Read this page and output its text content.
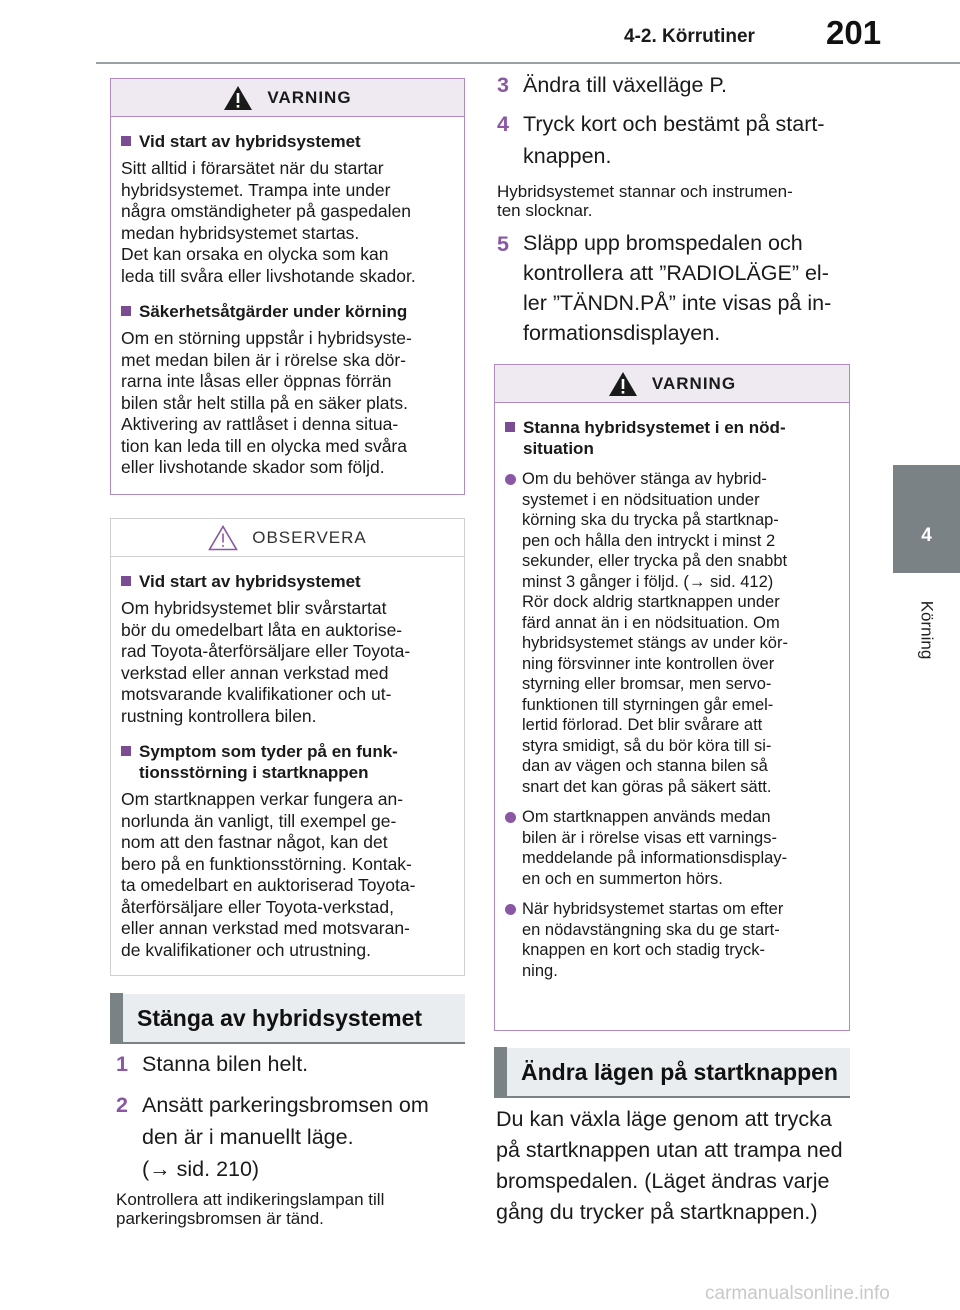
4-2. Körrutiner 201
4
Körning
VARNING
Vid start av hybridsystemet
Sitt alltid i förarsätet när du startar
hybridsystemet. Trampa inte under
några omständigheter på gaspedalen
medan hybridsystemet startas.
Det kan orsaka en olycka som kan
leda till svåra eller livshotande skador.
Säkerhetsåtgärder under körning
Om en störning uppstår i hybridsyste-
met medan bilen är i rörelse ska dör-
rarna inte låsas eller öppnas förrän
bilen står helt stilla på en säker plats.
Aktivering av rattlåset i denna situa-
tion kan leda till en olycka med svåra
eller livshotande skador som följd.
OBSERVERA
Vid start av hybridsystemet
Om hybridsystemet blir svårstartat
bör du omedelbart låta en auktorise-
rad Toyota-återförsäljare eller Toyota-
verkstad eller annan verkstad med
motsvarande kvalifikationer och ut-
rustning kontrollera bilen.
Symptom som tyder på en funk-
tionsstörning i startknappen
Om startknappen verkar fungera an-
norlunda än vanligt, till exempel ge-
nom att den fastnar något, kan det
bero på en funktionsstörning. Kontak-
ta omedelbart en auktoriserad Toyota-
återförsäljare eller Toyota-verkstad,
eller annan verkstad med motsvaran-
de kvalifikationer och utrustning.
Stänga av hybridsystemet
1 Stanna bilen helt.
2 Ansätt parkeringsbromsen om
den är i manuellt läge.
(→ sid. 210)
Kontrollera att indikeringslampan till
parkeringsbromsen är tänd.
3 Ändra till växelläge P.
4 Tryck kort och bestämt på start-
knappen.
Hybridsystemet stannar och instrumen-
ten slocknar.
5 Släpp upp bromspedalen och
kontrollera att ”RADIOLÄGE” el-
ler ”TÄNDN.PÅ” inte visas på in-
formationsdisplayen.
VARNING
Stanna hybridsystemet i en nöd-
situation
Om du behöver stänga av hybrid-
systemet i en nödsituation under
körning ska du trycka på startknap-
pen och hålla den intryckt i minst 2
sekunder, eller trycka på den snabbt
minst 3 gånger i följd. (→ sid. 412)
Rör dock aldrig startknappen under
färd annat än i en nödsituation. Om
hybridsystemet stängs av under kör-
ning försvinner inte kontrollen över
styrning eller bromsar, men servo-
funktionen till styrningen går emel-
lertid förlorad. Det blir svårare att
styra smidigt, så du bör köra till si-
dan av vägen och stanna bilen så
snart det kan göras på säkert sätt.
Om startknappen används medan
bilen är i rörelse visas ett varnings-
meddelande på informationsdisplay-
en och en summerton hörs.
När hybridsystemet startas om efter
en nödavstängning ska du ge start-
knappen en kort och stadig tryck-
ning.
Ändra lägen på startknappen
Du kan växla läge genom att trycka
på startknappen utan att trampa ned
bromspedalen. (Läget ändras varje
gång du trycker på startknappen.)
carmanualsonline.info
